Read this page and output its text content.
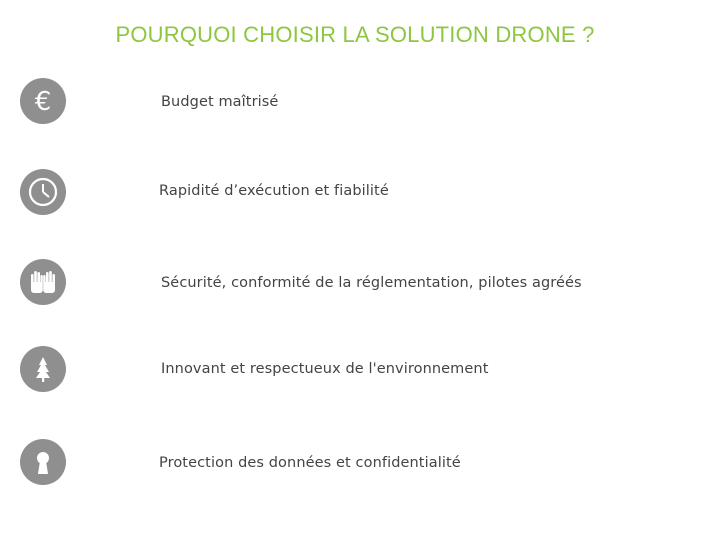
POURQUOI CHOISIR LA SOLUTION DRONE ?
€	Budget maîtrisé
Rapidité d’exécution et fiabilité
Sécurité, conformité de la réglementation, pilotes agréés
Innovant et respectueux de l'environnement
Protection des données et confidentialité
